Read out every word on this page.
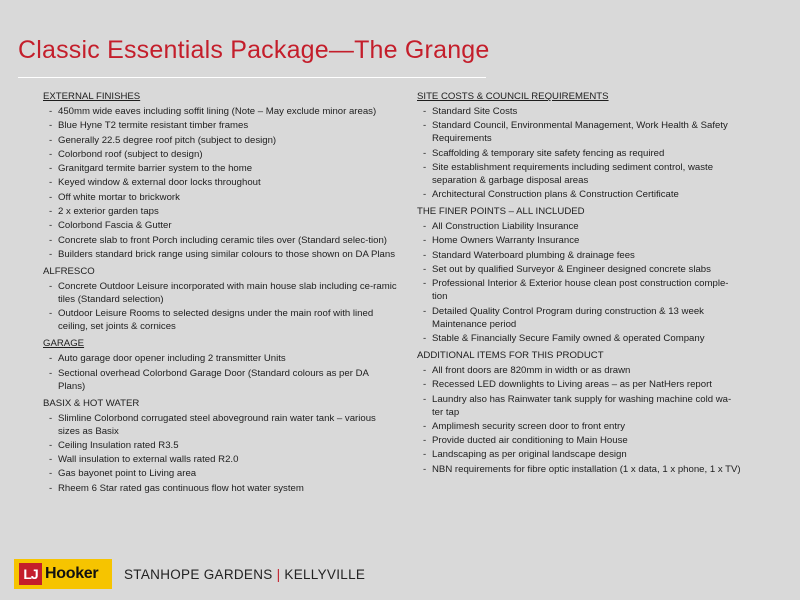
Classic Essentials Package—The Grange
EXTERNAL FINISHES
- 450mm wide eaves including soffit lining (Note – May exclude minor areas)
- Blue Hyne T2 termite resistant timber frames
- Generally 22.5 degree roof pitch (subject to design)
- Colorbond roof (subject to design)
- Granitgard termite barrier system to the home
- Keyed window & external door locks throughout
- Off white mortar to brickwork
- 2 x exterior garden taps
- Colorbond Fascia & Gutter
- Concrete slab to front Porch including ceramic tiles over (Standard selec-tion)
- Builders standard brick range using similar colours to those shown on DA Plans
ALFRESCO
- Concrete Outdoor Leisure incorporated with main house slab including ce-ramic tiles (Standard selection)
- Outdoor Leisure Rooms to selected designs under the main roof with lined ceiling, set joints & cornices
GARAGE
- Auto garage door opener including 2 transmitter Units
- Sectional overhead Colorbond Garage Door (Standard colours as per DA Plans)
BASIX & HOT WATER
- Slimline Colorbond corrugated steel aboveground rain water tank – various sizes as Basix
- Ceiling Insulation rated R3.5
- Wall insulation to external walls rated R2.0
- Gas bayonet point to Living area
- Rheem 6 Star rated gas continuous flow hot water system
SITE COSTS & COUNCIL REQUIREMENTS
- Standard Site Costs
- Standard Council, Environmental Management, Work Health & Safety Requirements
- Scaffolding & temporary site safety fencing as required
- Site establishment requirements including sediment control, waste separation & garbage disposal areas
- Architectural Construction plans & Construction Certificate
THE FINER POINTS – ALL INCLUDED
- All Construction Liability Insurance
- Home Owners Warranty Insurance
- Standard Waterboard plumbing & drainage fees
- Set out by qualified Surveyor & Engineer designed concrete slabs
- Professional Interior & Exterior house clean post construction comple-tion
- Detailed Quality Control Program during construction & 13 week Maintenance period
- Stable & Financially Secure Family owned & operated Company
ADDITIONAL ITEMS FOR THIS PRODUCT
- All front doors are 820mm in width or as drawn
- Recessed LED downlights to Living areas – as per NatHers report
- Laundry also has Rainwater tank supply for washing machine cold wa-ter tap
- Amplimesh security screen door to front entry
- Provide ducted air conditioning to Main House
- Landscaping as per original landscape design
- NBN requirements for fibre optic installation (1 x data, 1 x phone, 1 x TV)
LJ Hooker STANHOPE GARDENS | KELLYVILLE
